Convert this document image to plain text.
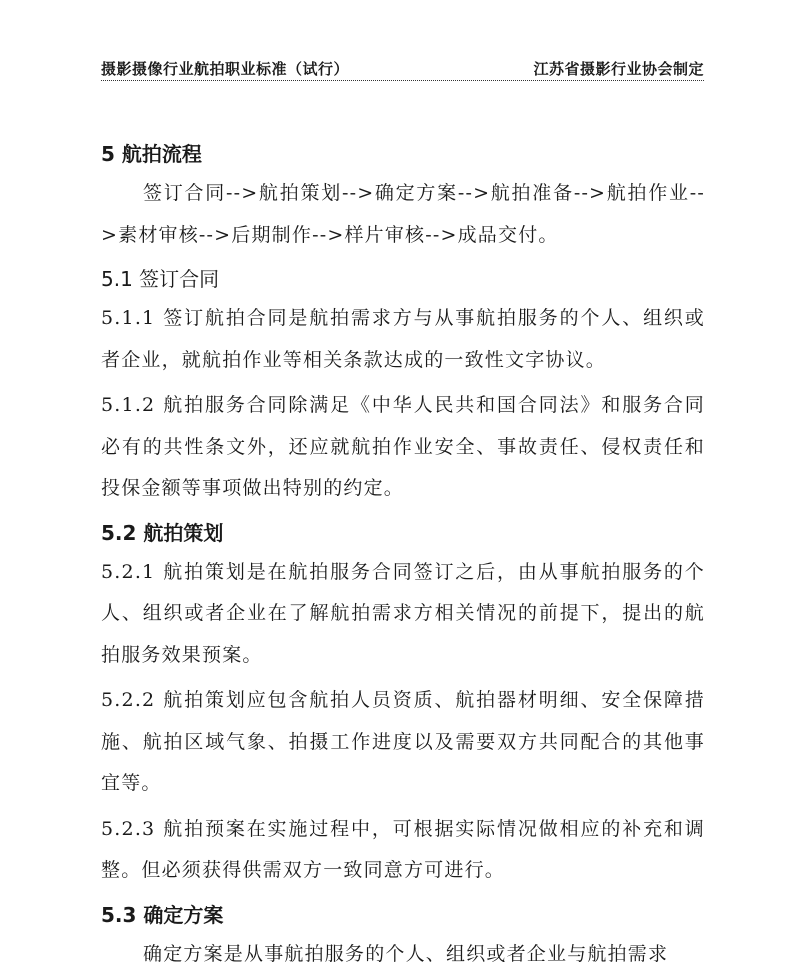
摄影摄像行业航拍职业标准（试行）	江苏省摄影行业协会制定
5 航拍流程

签订合同-->航拍策划-->确定方案-->航拍准备-->航拍作业-->素材审核-->后期制作-->样片审核-->成品交付。

5.1 签订合同

5.1.1 签订航拍合同是航拍需求方与从事航拍服务的个人、组织或者企业，就航拍作业等相关条款达成的一致性文字协议。

5.1.2 航拍服务合同除满足《中华人民共和国合同法》和服务合同必有的共性条文外，还应就航拍作业安全、事故责任、侵权责任和投保金额等事项做出特别的约定。

5.2 航拍策划

5.2.1 航拍策划是在航拍服务合同签订之后，由从事航拍服务的个人、组织或者企业在了解航拍需求方相关情况的前提下，提出的航拍服务效果预案。

5.2.2 航拍策划应包含航拍人员资质、航拍器材明细、安全保障措施、航拍区域气象、拍摄工作进度以及需要双方共同配合的其他事宜等。

5.2.3 航拍预案在实施过程中，可根据实际情况做相应的补充和调整。但必须获得供需双方一致同意方可进行。

5.3 确定方案

确定方案是从事航拍服务的个人、组织或者企业与航拍需求
